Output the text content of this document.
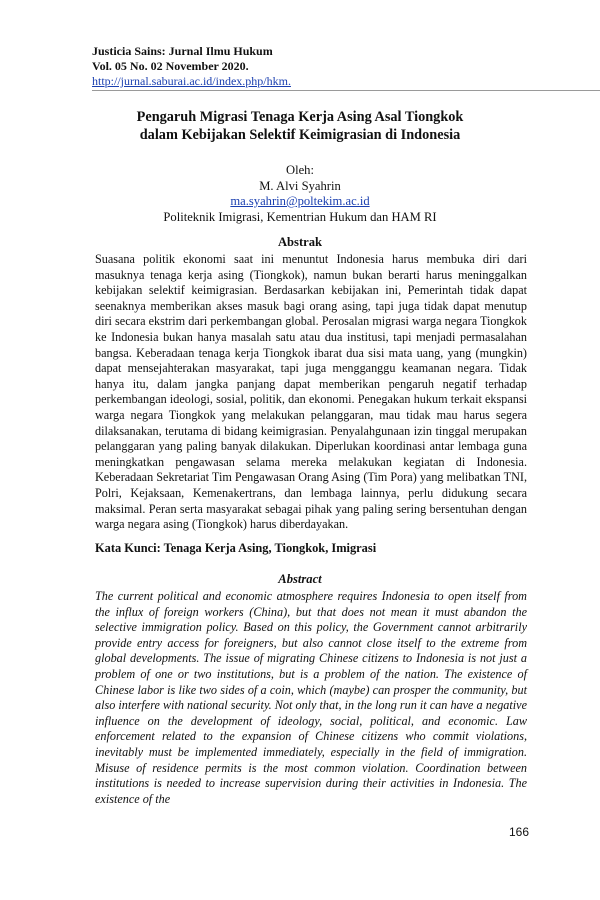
Justicia Sains: Jurnal Ilmu Hukum
Vol. 05 No. 02 November 2020.
http://jurnal.saburai.ac.id/index.php/hkm.
Pengaruh Migrasi Tenaga Kerja Asing Asal Tiongkok
dalam Kebijakan Selektif Keimigrasian di Indonesia
Oleh:
M. Alvi Syahrin
ma.syahrin@poltekim.ac.id
Politeknik Imigrasi, Kementrian Hukum dan HAM RI
Abstrak
Suasana politik ekonomi saat ini menuntut Indonesia harus membuka diri dari masuknya tenaga kerja asing (Tiongkok), namun bukan berarti harus meninggalkan kebijakan selektif keimigrasian. Berdasarkan kebijakan ini, Pemerintah tidak dapat seenaknya memberikan akses masuk bagi orang asing, tapi juga tidak dapat menutup diri secara ekstrim dari perkembangan global. Perosalan migrasi warga negara Tiongkok ke Indonesia bukan hanya masalah satu atau dua institusi, tapi menjadi permasalahan bangsa. Keberadaan tenaga kerja Tiongkok ibarat dua sisi mata uang, yang (mungkin) dapat mensejahterakan masyarakat, tapi juga mengganggu keamanan negara. Tidak hanya itu, dalam jangka panjang dapat memberikan pengaruh negatif terhadap perkembangan ideologi, sosial, politik, dan ekonomi. Penegakan hukum terkait ekspansi warga negara Tiongkok yang melakukan pelanggaran, mau tidak mau harus segera dilaksanakan, terutama di bidang keimigrasian. Penyalahgunaan izin tinggal merupakan pelanggaran yang paling banyak dilakukan. Diperlukan koordinasi antar lembaga guna meningkatkan pengawasan selama mereka melakukan kegiatan di Indonesia. Keberadaan Sekretariat Tim Pengawasan Orang Asing (Tim Pora) yang melibatkan TNI, Polri, Kejaksaan, Kemenakertrans, dan lembaga lainnya, perlu didukung secara maksimal. Peran serta masyarakat sebagai pihak yang paling sering bersentuhan dengan warga negara asing (Tiongkok) harus diberdayakan.
Kata Kunci: Tenaga Kerja Asing, Tiongkok, Imigrasi
Abstract
The current political and economic atmosphere requires Indonesia to open itself from the influx of foreign workers (China), but that does not mean it must abandon the selective immigration policy. Based on this policy, the Government cannot arbitrarily provide entry access for foreigners, but also cannot close itself to the extreme from global developments. The issue of migrating Chinese citizens to Indonesia is not just a problem of one or two institutions, but is a problem of the nation. The existence of Chinese labor is like two sides of a coin, which (maybe) can prosper the community, but also interfere with national security. Not only that, in the long run it can have a negative influence on the development of ideology, social, political, and economic. Law enforcement related to the expansion of Chinese citizens who commit violations, inevitably must be implemented immediately, especially in the field of immigration. Misuse of residence permits is the most common violation. Coordination between institutions is needed to increase supervision during their activities in Indonesia. The existence of the
166
